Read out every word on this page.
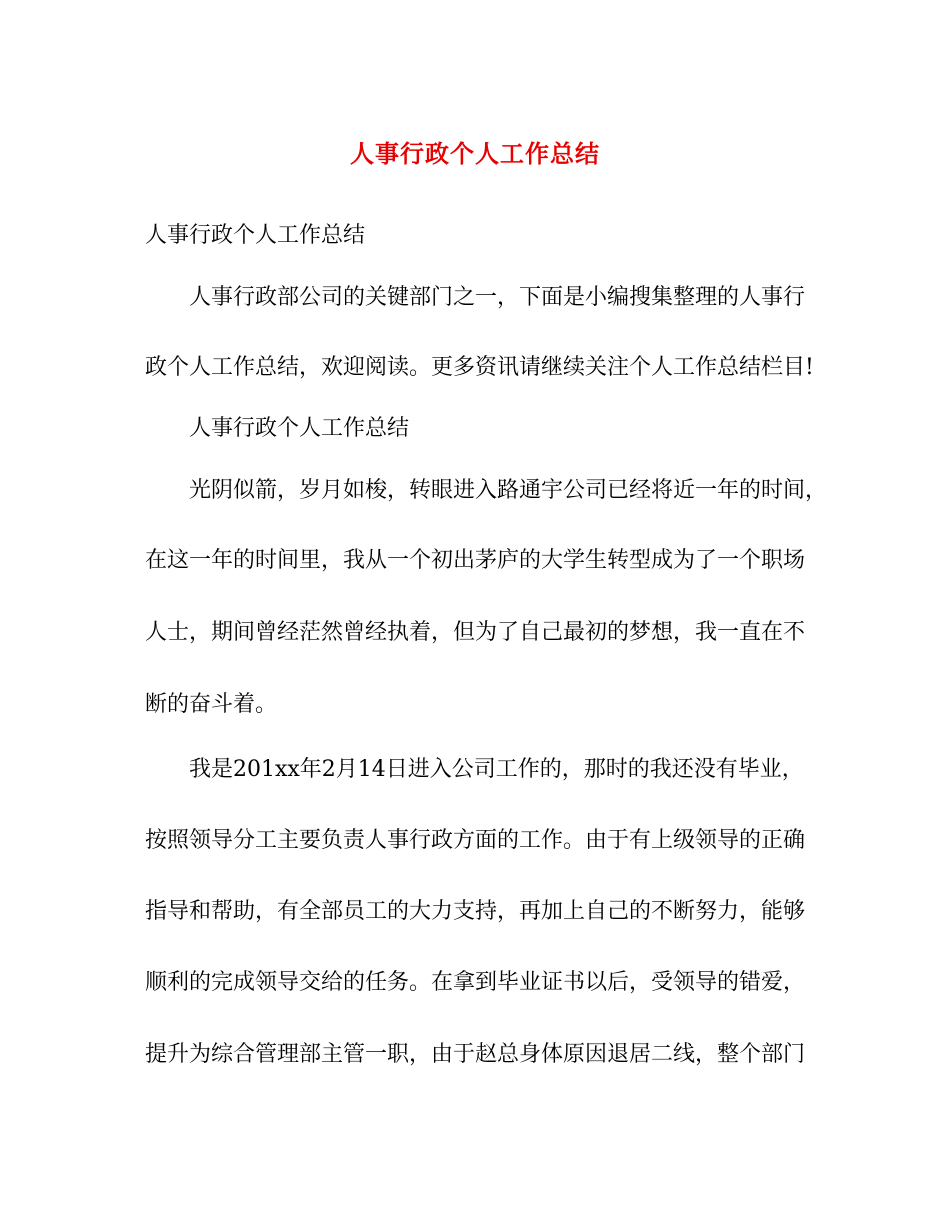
人事行政个人工作总结
人事行政个人工作总结
人事行政部公司的关键部门之一，下面是小编搜集整理的人事行
政个人工作总结，欢迎阅读。更多资讯请继续关注个人工作总结栏目!
人事行政个人工作总结
光阴似箭，岁月如梭，转眼进入路通宇公司已经将近一年的时间，
在这一年的时间里，我从一个初出茅庐的大学生转型成为了一个职场
人士，期间曾经茫然曾经执着，但为了自己最初的梦想，我一直在不
断的奋斗着。
我是201xx年2月14日进入公司工作的，那时的我还没有毕业，
按照领导分工主要负责人事行政方面的工作。由于有上级领导的正确
指导和帮助，有全部员工的大力支持，再加上自己的不断努力，能够
顺利的完成领导交给的任务。在拿到毕业证书以后，受领导的错爱，
提升为综合管理部主管一职，由于赵总身体原因退居二线，整个部门
